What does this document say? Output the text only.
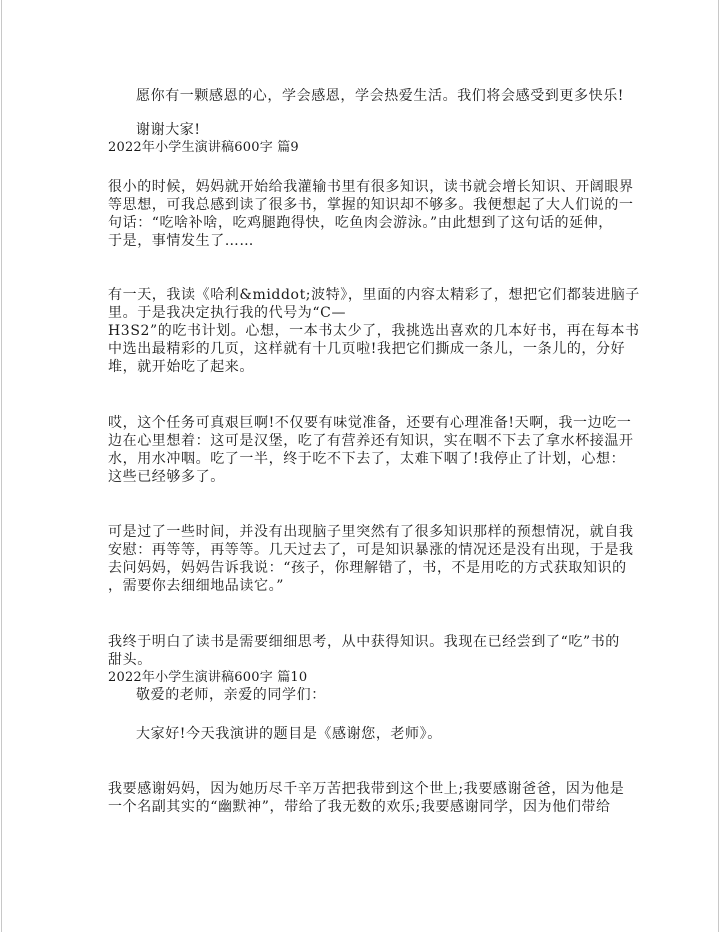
愿你有一颗感恩的心，学会感恩，学会热爱生活。我们将会感受到更多快乐!
谢谢大家!
2022年小学生演讲稿600字 篇9
很小的时候，妈妈就开始给我灌输书里有很多知识，读书就会增长知识、开阔眼界
等思想，可我总感到读了很多书，掌握的知识却不够多。我便想起了大人们说的一
句话：“吃啥补啥，吃鸡腿跑得快，吃鱼肉会游泳。”由此想到了这句话的延伸，
于是，事情发生了……
有一天，我读《哈利&middot;波特》，里面的内容太精彩了，想把它们都装进脑子
里。于是我决定执行我的代号为“C—
H3S2”的吃书计划。心想，一本书太少了，我挑选出喜欢的几本好书，再在每本书
中选出最精彩的几页，这样就有十几页啦!我把它们撕成一条儿，一条儿的，分好
堆，就开始吃了起来。
哎，这个任务可真艰巨啊!不仅要有味觉准备，还要有心理准备!天啊，我一边吃一
边在心里想着：这可是汉堡，吃了有营养还有知识，实在咽不下去了拿水杯接温开
水，用水冲咽。吃了一半，终于吃不下去了，太难下咽了!我停止了计划，心想：
这些已经够多了。
可是过了一些时间，并没有出现脑子里突然有了很多知识那样的预想情况，就自我
安慰：再等等，再等等。几天过去了，可是知识暴涨的情况还是没有出现，于是我
去问妈妈，妈妈告诉我说：“孩子，你理解错了，书，不是用吃的方式获取知识的
，需要你去细细地品读它。”
我终于明白了读书是需要细细思考，从中获得知识。我现在已经尝到了“吃”书的
甜头。
2022年小学生演讲稿600字 篇10
敬爱的老师，亲爱的同学们：
大家好!今天我演讲的题目是《感谢您，老师》。
我要感谢妈妈，因为她历尽千辛万苦把我带到这个世上;我要感谢爸爸，因为他是
一个名副其实的“幽默神”，带给了我无数的欢乐;我要感谢同学，因为他们带给
